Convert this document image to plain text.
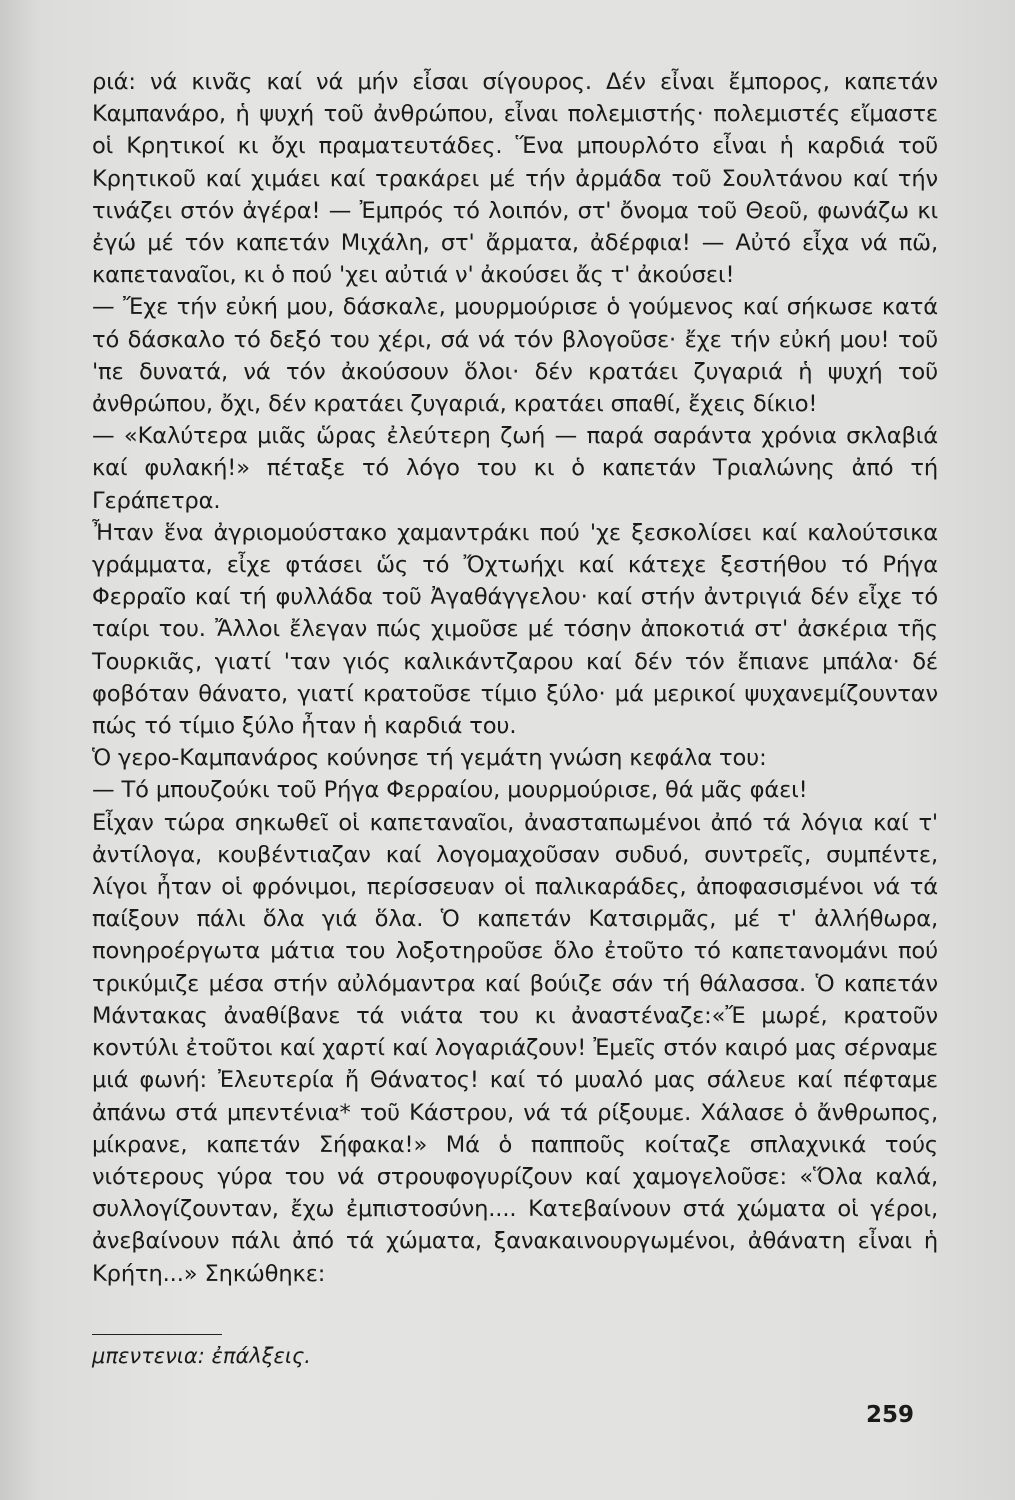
ριά: νά κινᾶς καί νά μήν εἶσαι σίγουρος. Δέν εἶναι ἔμπορος, καπετάν Καμπανάρο, ἡ ψυχή τοῦ ἀνθρώπου, εἶναι πολεμιστής· πολεμιστές εἴμαστε οἱ Κρητικοί κι ὄχι πραματευτάδες. Ἕνα μπουρλότο εἶναι ἡ καρδιά τοῦ Κρητικοῦ καί χιμάει καί τρακάρει μέ τήν ἀρμάδα τοῦ Σουλτάνου καί τήν τινάζει στόν ἀγέρα! — Ἐμπρός τό λοιπόν, στ' ὄνομα τοῦ Θεοῦ, φωνάζω κι ἐγώ μέ τόν καπετάν Μιχάλη, στ' ἄρματα, ἀδέρφια! — Αὐτό εἶχα νά πῶ, καπεταναῖοι, κι ὁ πού 'χει αὐτιά ν' ἀκούσει ἄς τ' ἀκούσει!

— Ἔχε τήν εὐκή μου, δάσκαλε, μουρμούρισε ὁ γούμενος καί σήκωσε κατά τό δάσκαλο τό δεξό του χέρι, σά νά τόν βλογοῦσε· ἔχε τήν εὐκή μου! τοῦ 'πε δυνατά, νά τόν ἀκούσουν ὅλοι· δέν κρατάει ζυγαριά ἡ ψυχή τοῦ ἀνθρώπου, ὄχι, δέν κρατάει ζυγαριά, κρατάει σπαθί, ἔχεις δίκιο!

— «Καλύτερα μιᾶς ὥρας ἐλεύτερη ζωή — παρά σαράντα χρόνια σκλαβιά καί φυλακή!» πέταξε τό λόγο του κι ὁ καπετάν Τριαλώνης ἀπό τή Γεράπετρα.

Ἦταν ἕνα ἀγριομούστακο χαμαντράκι πού 'χε ξεσκολίσει καί καλούτσικα γράμματα, εἶχε φτάσει ὥς τό Ὄχτωήχι καί κάτεχε ξεστήθου τό Ρήγα Φερραῖο καί τή φυλλάδα τοῦ Ἀγαθάγγελου· καί στήν ἀντριγιά δέν εἶχε τό ταίρι του. Ἄλλοι ἔλεγαν πώς χιμοῦσε μέ τόσην ἀποκοτιά στ' ἀσκέρια τῆς Τουρκιᾶς, γιατί 'ταν γιός καλικάντζαρου καί δέν τόν ἔπιανε μπάλα· δέ φοβόταν θάνατο, γιατί κρατοῦσε τίμιο ξύλο· μά μερικοί ψυχανεμίζουνταν πώς τό τίμιο ξύλο ἦταν ἡ καρδιά του.

Ὁ γερο-Καμπανάρος κούνησε τή γεμάτη γνώση κεφάλα του:

— Τό μπουζούκι τοῦ Ρήγα Φερραίου, μουρμούρισε, θά μᾶς φάει!

Εἶχαν τώρα σηκωθεῖ οἱ καπεταναῖοι, ἀνασταπωμένοι ἀπό τά λόγια καί τ' ἀντίλογα, κουβέντιαζαν καί λογομαχοῦσαν συδυό, συντρεῖς, συμπέντε, λίγοι ἦταν οἱ φρόνιμοι, περίσσευαν οἱ παλικαράδες, ἀποφασισμένοι νά τά παίξουν πάλι ὅλα γιά ὅλα. Ὁ καπετάν Κατσιρμᾶς, μέ τ' ἀλλήθωρα, πονηροέργωτα μάτια του λοξοτηροῦσε ὅλο ἐτοῦτο τό καπετανομάνι πού τρικύμιζε μέσα στήν αὐλόμαντρα καί βούιζε σάν τή θάλασσα. Ὁ καπετάν Μάντακας ἀναθίβανε τά νιάτα του κι ἀναστέναζε:«Ἔ μωρέ, κρατοῦν κοντύλι ἐτοῦτοι καί χαρτί καί λογαριάζουν! Ἐμεῖς στόν καιρό μας σέρναμε μιά φωνή: Ἐλευτερία ἤ Θάνατος! καί τό μυαλό μας σάλευε καί πέφταμε ἀπάνω στά μπεντένια* τοῦ Κάστρου, νά τά ρίξουμε. Χάλασε ὁ ἄνθρωπος, μίκρανε, καπετάν Σήφακα!» Μά ὁ παπποῦς κοίταζε σπλαχνικά τούς νιότερους γύρα του νά στρουφογυρίζουν καί χαμογελοῦσε: «Ὅλα καλά, συλλογίζουνταν, ἔχω ἐμπιστοσύνη.... Κατεβαίνουν στά χώματα οἱ γέροι, ἀνεβαίνουν πάλι ἀπό τά χώματα, ξανακαινουργωμένοι, ἀθάνατη εἶναι ἡ Κρήτη...» Σηκώθηκε:

μπεντενια: ἐπάλξεις.
259
